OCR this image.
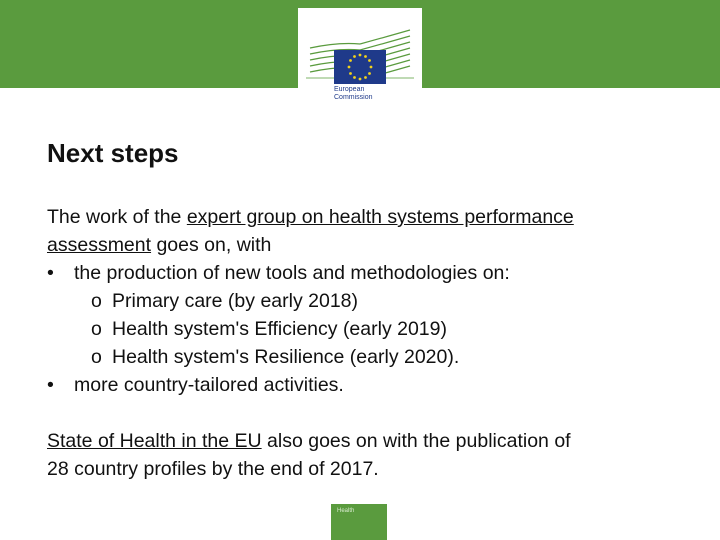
European
Commission
Next steps
The work of the expert group on health systems performance
assessment goes on, with
• the production of new tools and methodologies on:
o Primary care (by early 2018)
o Health system's Efficiency (early 2019)
o Health system's Resilience (early 2020).
• more country-tailored activities.
State of Health in the EU also goes on with the publication of
28 country profiles by the end of 2017.
Health
